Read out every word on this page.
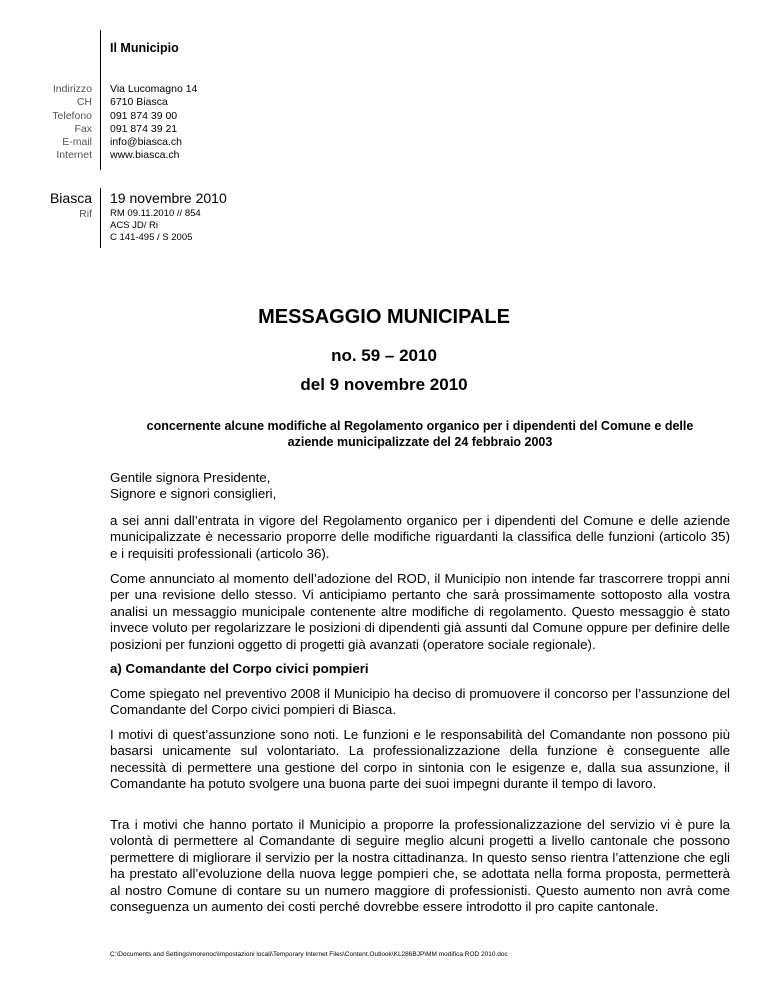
Il Municipio
Indirizzo
CH
Telefono
Fax
E-mail
Internet
Via Lucomagno 14
6710 Biasca
091 874 39 00
091 874 39 21
info@biasca.ch
www.biasca.ch
Biasca 19 novembre 2010
Rif RM 09.11.2010 // 854
ACS JD/ Ri
C 141-495 / S 2005
MESSAGGIO MUNICIPALE
no. 59 – 2010
del 9 novembre 2010
concernente alcune modifiche al Regolamento organico per i dipendenti del Comune e delle
aziende municipalizzate del 24 febbraio 2003
Gentile signora Presidente,
Signore e signori consiglieri,

a sei anni dall’entrata in vigore del Regolamento organico per i dipendenti del Comune e delle aziende municipalizzate è necessario proporre delle modifiche riguardanti la classifica delle funzioni (articolo 35) e i requisiti professionali (articolo 36).

Come annunciato al momento dell’adozione del ROD, il Municipio non intende far trascorrere troppi anni per una revisione dello stesso. Vi anticipiamo pertanto che sarà prossimamente sottoposto alla vostra analisi un messaggio municipale contenente altre modifiche di regolamento. Questo messaggio è stato invece voluto per regolarizzare le posizioni di dipendenti già assunti dal Comune oppure per definire delle posizioni per funzioni oggetto di progetti già avanzati (operatore sociale regionale).

a) Comandante del Corpo civici pompieri

Come spiegato nel preventivo 2008 il Municipio ha deciso di promuovere il concorso per l’assunzione del Comandante del Corpo civici pompieri di Biasca.

I motivi di quest’assunzione sono noti. Le funzioni e le responsabilità del Comandante non possono più basarsi unicamente sul volontariato. La professionalizzazione della funzione è conseguente alle necessità di permettere una gestione del corpo in sintonia con le esigenze e, dalla sua assunzione, il Comandante ha potuto svolgere una buona parte dei suoi impegni durante il tempo di lavoro.

Tra i motivi che hanno portato il Municipio a proporre la professionalizzazione del servizio vi è pure la volontà di permettere al Comandante di seguire meglio alcuni progetti a livello cantonale che possono permettere di migliorare il servizio per la nostra cittadinanza. In questo senso rientra l’attenzione che egli ha prestato all’evoluzione della nuova legge pompieri che, se adottata nella forma proposta, permetterà al nostro Comune di contare su un numero maggiore di professionisti. Questo aumento non avrà come conseguenza un aumento dei costi perché dovrebbe essere introdotto il pro capite cantonale.

C:\Documents and Settings\morenoc\Impostazioni locali\Temporary Internet Files\Content.Outlook\KL286BJP\MM modifica ROD 2010.doc
